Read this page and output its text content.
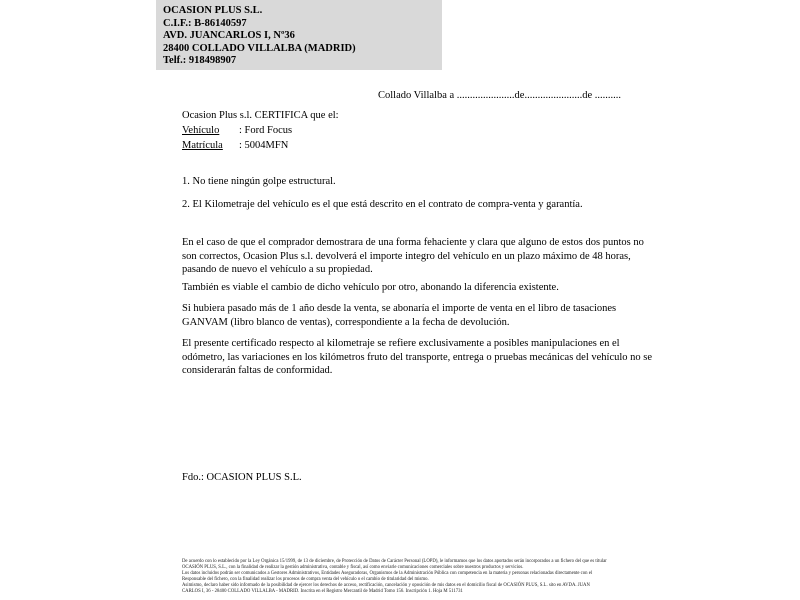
OCASION PLUS S.L.
C.I.F.: B-86140597
AVD. JUANCARLOS I, Nº36
28400 COLLADO VILLALBA (MADRID)
Telf.: 918498907
Collado Villalba a ......................de......................de ..........
Ocasion Plus s.l. CERTIFICA que el:
Vehículo : Ford Focus
Matrícula : 5004MFN
1. No tiene ningún golpe estructural.
2. El Kilometraje del vehículo es el que está descrito en el contrato de compra-venta y garantía.
En el caso de que el comprador demostrara de una forma fehaciente y clara que alguno de estos dos puntos no son correctos, Ocasion Plus s.l. devolverá el importe integro del vehículo en un plazo máximo de 48 horas, pasando de nuevo el vehículo a su propiedad.
También es viable el cambio de dicho vehículo por otro, abonando la diferencia existente.
Si hubiera pasado más de 1 año desde la venta, se abonaría el importe de venta en el libro de tasaciones GANVAM (libro blanco de ventas), correspondiente a la fecha de devolución.
El presente certificado respecto al kilometraje se refiere exclusivamente a posibles manipulaciones en el odómetro, las variaciones en los kilómetros fruto del transporte, entrega o pruebas mecánicas del vehículo no se considerarán faltas de conformidad.
Fdo.: OCASION PLUS S.L.
De acuerdo con lo establecido por la Ley Orgánica 15/1999, de 13 de diciembre, de Protección de Datos de Carácter Personal (LOPD), le informamos que los datos aportados serán incorporados a un fichero del que es titular
OCASIÓN PLUS, S.L., con la finalidad de realizar la gestión administrativa, contable y fiscal, así como enviarle comunicaciones comerciales sobre nuestros productos y servicios.
Los datos incluidos podrán ser comunicados a Gestores Administrativos, Entidades Aseguradoras, Organismos de la Administración Pública con competencia en la materia y personas relacionadas directamente con el
Responsable del fichero, con la finalidad realizar los procesos de compra venta del vehículo o el cambio de titularidad del mismo.
Asimismo, declaro haber sido informado de la posibilidad de ejercer los derechos de acceso, rectificación, cancelación y oposición de mis datos en el domicilio fiscal de OCASIÓN PLUS, S.L. sito en AVDA. JUAN
CARLOS I, 36 - 28400 COLLADO VILLALBA - MADRID. Inscrita en el Registro Mercantil de Madrid Tomo 156. Inscripción 1. Hoja M 511731
